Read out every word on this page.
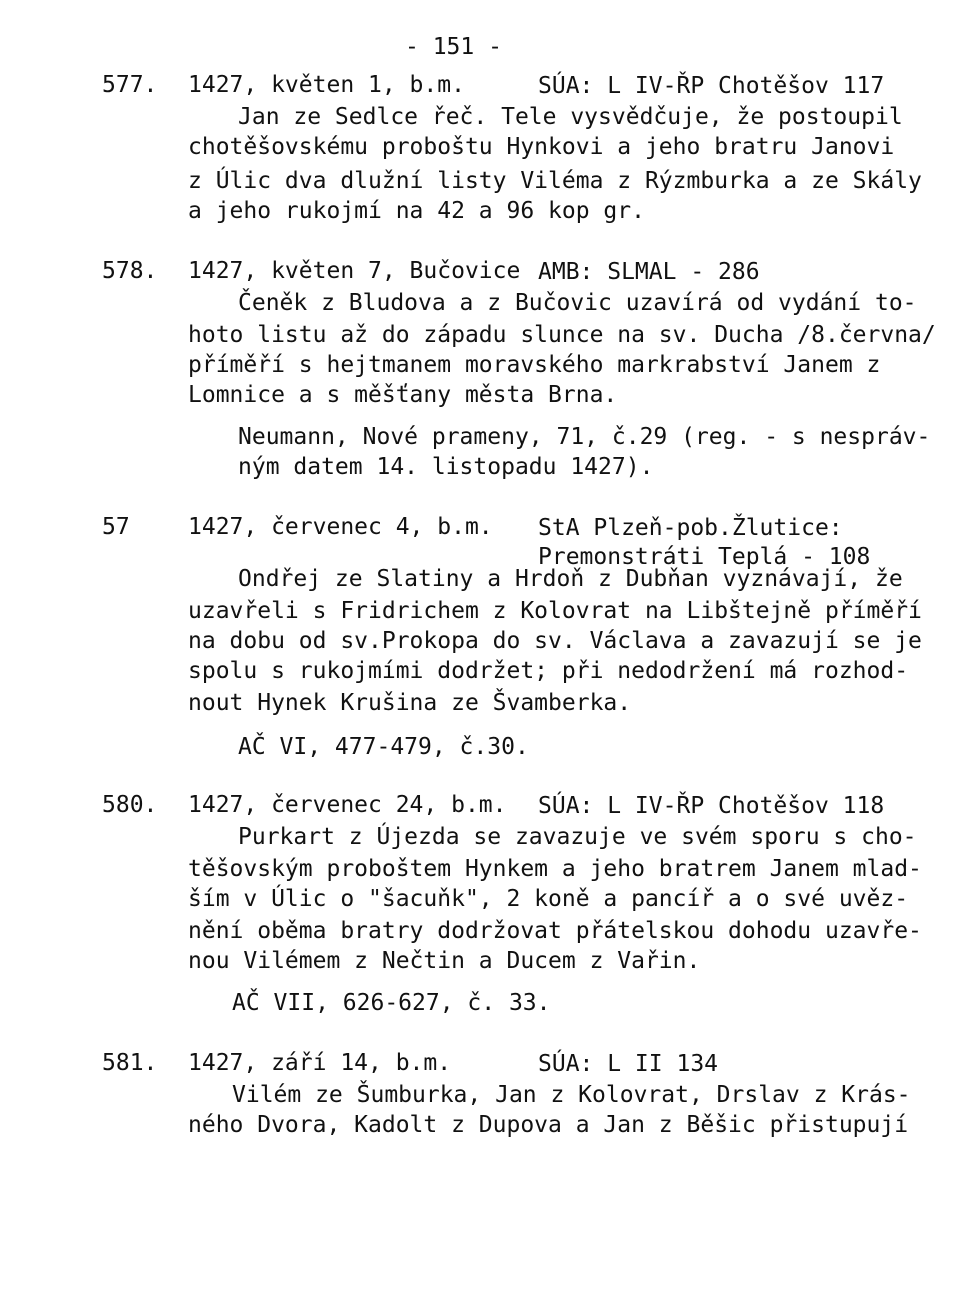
- 151 -
577. 1427, květen 1, b.m.	SÚA: L IV-ŘP Chotěšov 117
Jan ze Sedlce řeč. Tele vysvědčuje, že postoupil
chotěšovskému proboštu Hynkovi a jeho bratru Janovi
z Úlic dva dlužní listy Viléma z Rýzmburka a ze Skály
a jeho rukojmí na 42 a 96 kop gr.
578. 1427, květen 7, Bučovice AMB: SLMAL - 286
Čeněk z Bludova a z Bučovic uzavírá od vydání to-
hoto listu až do západu slunce na sv. Ducha /8.června/
příměří s hejtmanem moravského markrabství Janem z
Lomnice a s měšťany města Brna.
Neumann, Nové prameny, 71, č.29 (reg. - s nespráv-
ným datem 14. listopadu 1427).
57	1427, červenec 4, b.m. StA Plzeň-pob.Žlutice:
Premonstráti Teplá - 108
Ondřej ze Slatiny a Hrdoň z Dubňan vyznávají, že
uzavřeli s Fridrichem z Kolovrat na Libštejně příměří
na dobu od sv.Prokopa do sv. Václava a zavazují se je
spolu s rukojmími dodržet; při nedodržení má rozhod-
nout Hynek Krušina ze Švamberka.
AČ VI, 477-479, č.30.
580. 1427, červenec 24, b.m. SÚA: L IV-ŘP Chotěšov 118
Purkart z Újezda se zavazuje ve svém sporu s cho-
těšovským proboštem Hynkem a jeho bratrem Janem mlad-
ším v Úlic o "šacuňk", 2 koně a pancíř a o své uvěz-
nění oběma bratry dodržovat přátelskou dohodu uzavře-
nou Vilémem z Nečtin a Ducem z Vařin.
AČ VII, 626-627, č. 33.
581. 1427, září 14, b.m.	SÚA: L II 134
Vilém ze Šumburka, Jan z Kolovrat, Drslav z Krás-
ného Dvora, Kadolt z Dupova a Jan z Běšic přistupují
